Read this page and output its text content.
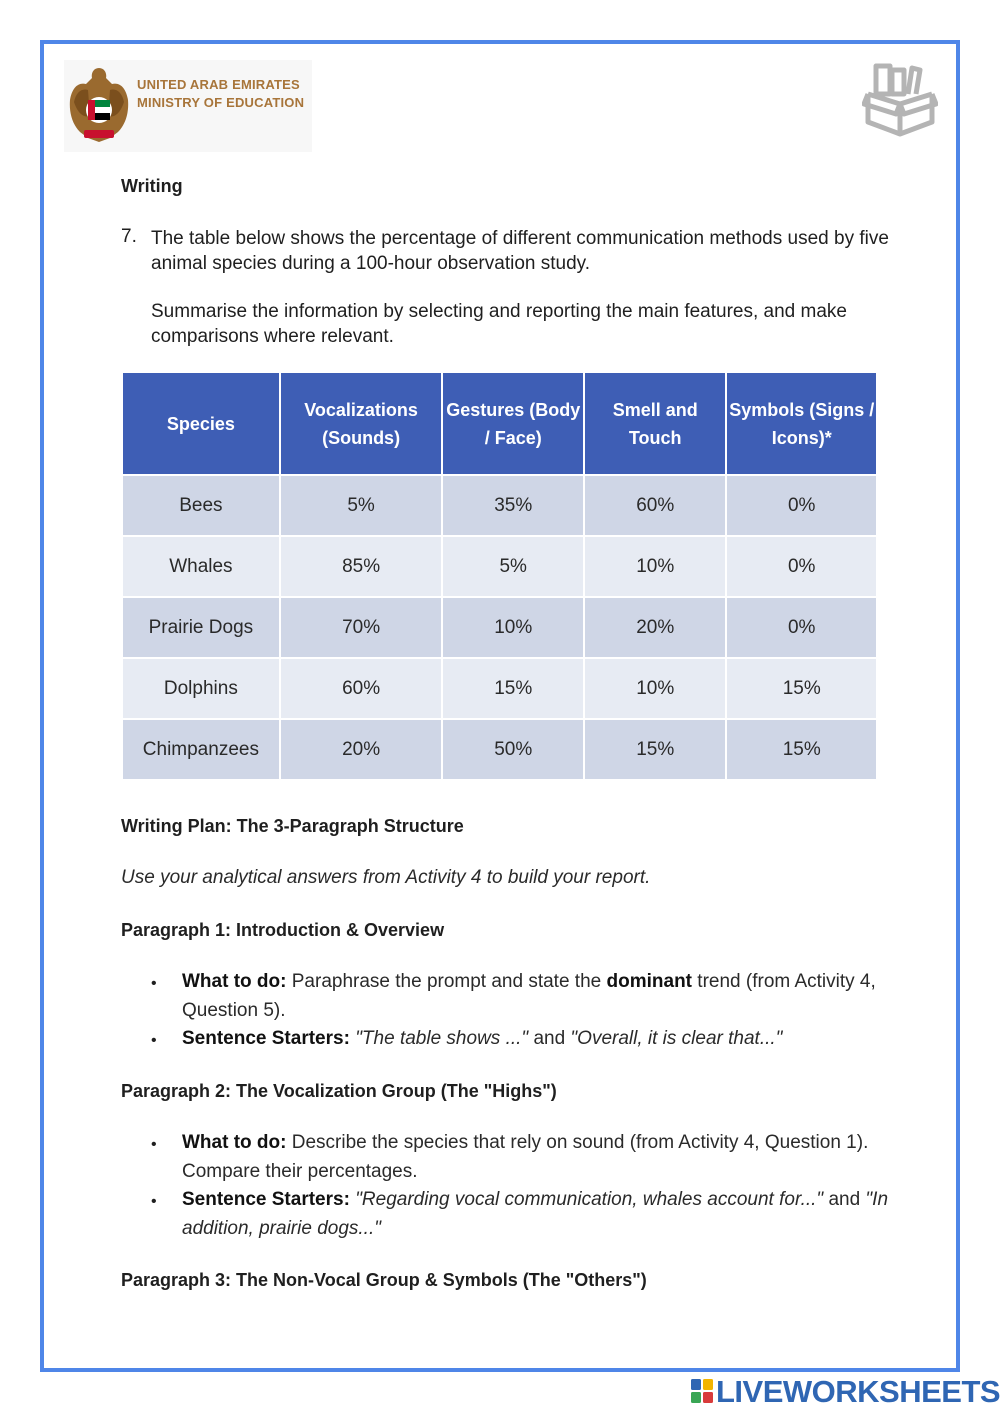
UNITED ARAB EMIRATES
MINISTRY OF EDUCATION
Writing
7. The table below shows the percentage of different communication methods used by five animal species during a 100-hour observation study.
Summarise the information by selecting and reporting the main features, and make comparisons where relevant.
Species	Vocalizations (Sounds)	Gestures (Body / Face)	Smell and Touch	Symbols (Signs / Icons)*
Bees	5%	35%	60%	0%
Whales	85%	5%	10%	0%
Prairie Dogs	70%	10%	20%	0%
Dolphins	60%	15%	10%	15%
Chimpanzees	20%	50%	15%	15%
Writing Plan: The 3-Paragraph Structure
Use your analytical answers from Activity 4 to build your report.
Paragraph 1: Introduction & Overview
• What to do: Paraphrase the prompt and state the dominant trend (from Activity 4, Question 5).
• Sentence Starters: "The table shows ..." and "Overall, it is clear that..."
Paragraph 2: The Vocalization Group (The "Highs")
• What to do: Describe the species that rely on sound (from Activity 4, Question 1). Compare their percentages.
• Sentence Starters: "Regarding vocal communication, whales account for..." and "In addition, prairie dogs..."
Paragraph 3: The Non-Vocal Group & Symbols (The "Others")
LIVEWORKSHEETS
